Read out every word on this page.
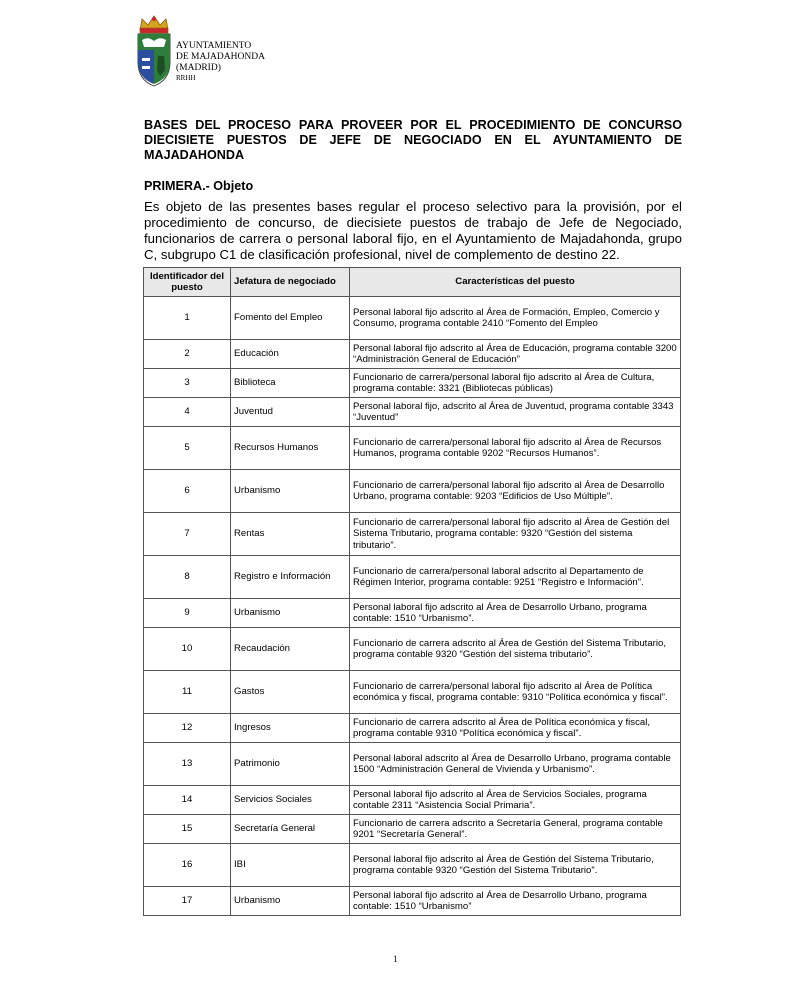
AYUNTAMIENTO
DE MAJADAHONDA
(MADRID)
RRHH
BASES DEL PROCESO PARA PROVEER POR EL PROCEDIMIENTO DE CONCURSO DIECISIETE PUESTOS DE JEFE DE NEGOCIADO EN EL AYUNTAMIENTO DE MAJADAHONDA
PRIMERA.- Objeto
Es objeto de las presentes bases regular el proceso selectivo para la provisión, por el procedimiento de concurso, de diecisiete puestos de trabajo de Jefe de Negociado, funcionarios de carrera o personal laboral fijo, en el Ayuntamiento de Majadahonda, grupo C, subgrupo C1 de clasificación profesional, nivel de complemento de destino 22.
Identificador del puesto	Jefatura de negociado	Características del puesto
1	Fomento del Empleo	Personal laboral fijo adscrito al Área de Formación, Empleo, Comercio y Consumo, programa contable 2410 “Fomento del Empleo
2	Educación	Personal laboral fijo adscrito al Área de Educación, programa contable 3200 “Administración General de Educación”
3	Biblioteca	Funcionario de carrera/personal laboral fijo adscrito al Área de Cultura, programa contable: 3321 (Bibliotecas públicas)
4	Juventud	Personal laboral fijo, adscrito al Área de Juventud, programa contable 3343 “Juventud”
5	Recursos Humanos	Funcionario de carrera/personal laboral fijo adscrito al Área de Recursos Humanos, programa contable 9202 “Recursos Humanos”.
6	Urbanismo	Funcionario de carrera/personal laboral fijo adscrito al Área de Desarrollo Urbano, programa contable: 9203 “Edificios de Uso Múltiple”.
7	Rentas	Funcionario de carrera/personal laboral fijo adscrito al Área de Gestión del Sistema Tributario, programa contable: 9320 “Gestión del sistema tributario”.
8	Registro e Información	Funcionario de carrera/personal laboral adscrito al Departamento de Régimen Interior, programa contable: 9251 “Registro e Información”.
9	Urbanismo	Personal laboral fijo adscrito al Área de Desarrollo Urbano, programa contable: 1510 “Urbanismo”.
10	Recaudación	Funcionario de carrera adscrito al Área de Gestión del Sistema Tributario, programa contable 9320 “Gestión del sistema tributario”.
11	Gastos	Funcionario de carrera/personal laboral fijo adscrito al Área de Política económica y fiscal, programa contable: 9310 “Política económica y fiscal”.
12	Ingresos	Funcionario de carrera adscrito al Área de Política económica y fiscal, programa contable 9310 “Política económica y fiscal”.
13	Patrimonio	Personal laboral adscrito al Área de Desarrollo Urbano, programa contable 1500 “Administración General de Vivienda y Urbanismo”.
14	Servicios Sociales	Personal laboral fijo adscrito al Área de Servicios Sociales, programa contable 2311 “Asistencia Social Primaria”.
15	Secretaría General	Funcionario de carrera adscrito a Secretaría General, programa contable 9201 “Secretaría General”.
16	IBI	Personal laboral fijo adscrito al Área de Gestión del Sistema Tributario, programa contable 9320 “Gestión del Sistema Tributario”.
17	Urbanismo	Personal laboral fijo adscrito al Área de Desarrollo Urbano, programa contable: 1510 “Urbanismo”
1
